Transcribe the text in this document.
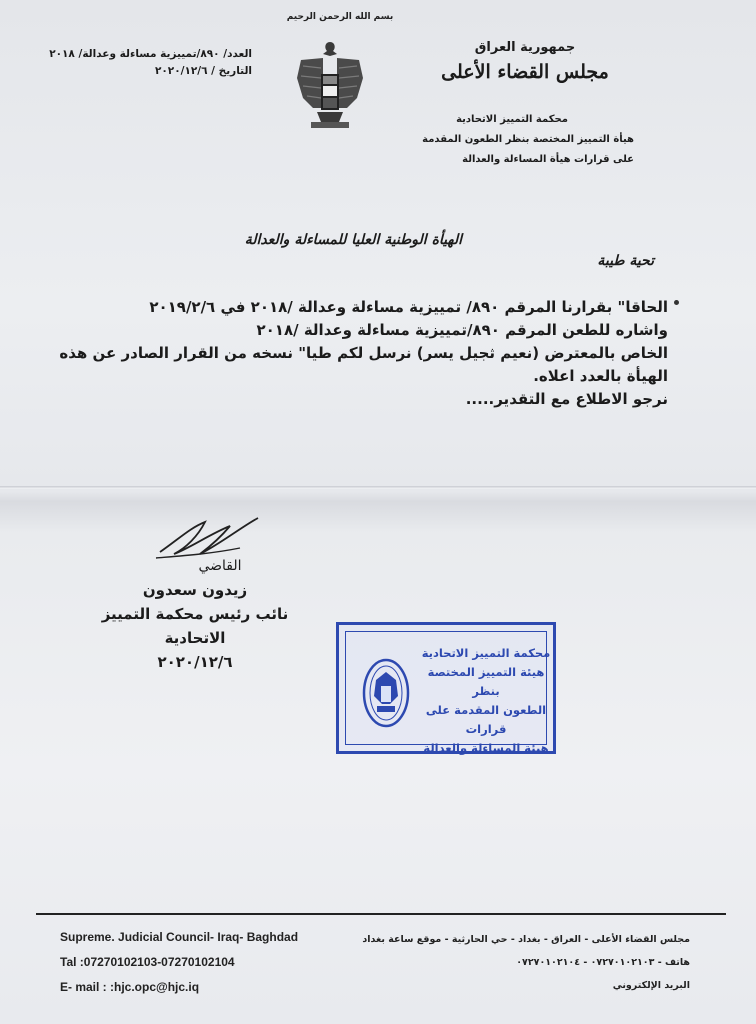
بسم الله الرحمن الرحيم
العدد/ ٨٩٠/تمييزية مساءلة وعدالة/ ٢٠١٨
التاريخ / ٢٠٢٠/١٢/٦
جمهورية العراق
مجلس القضاء الأعلى
محكمة التمييز الاتحادية
هيأة التمييز المختصة بنظر الطعون المقدمة
على قرارات هيأة المساءلة والعدالة
الهيأة الوطنية العليا للمساءلة والعدالة
تحية طيبة
الحاقا" بقرارنا المرقم ٨٩٠/ تمييزية مساءلة وعدالة /٢٠١٨ في ٢٠١٩/٢/٦
واشاره للطعن المرقم ٨٩٠/تمييزية مساءلة وعدالة /٢٠١٨
الخاص بالمعترض (نعيم ثجيل يسر) نرسل لكم طيا" نسخه من القرار الصادر عن هذه
الهيأة بالعدد اعلاه.
نرجو الاطلاع مع التقدير.....
القاضي
زيدون سعدون
نائب رئيس محكمة التمييز الاتحادية
٢٠٢٠/١٢/٦	محكمة التمييز الاتحادية
هيئة التمييز المختصة بنظر
الطعون المقدمة على قرارات
هيئة المساءلة والعدالة
Supreme. Judicial Council- Iraq- Baghdad
Tal :07270102103-07270102104
E- mail : :hjc.opc@hjc.iq
مجلس القضاء الأعلى - العراق - بغداد - حي الحارثية - موقع ساعة بغداد
هاتف - ٠٧٢٧٠١٠٢١٠٣ - ٠٧٢٧٠١٠٢١٠٤
البريد الإلكتروني
